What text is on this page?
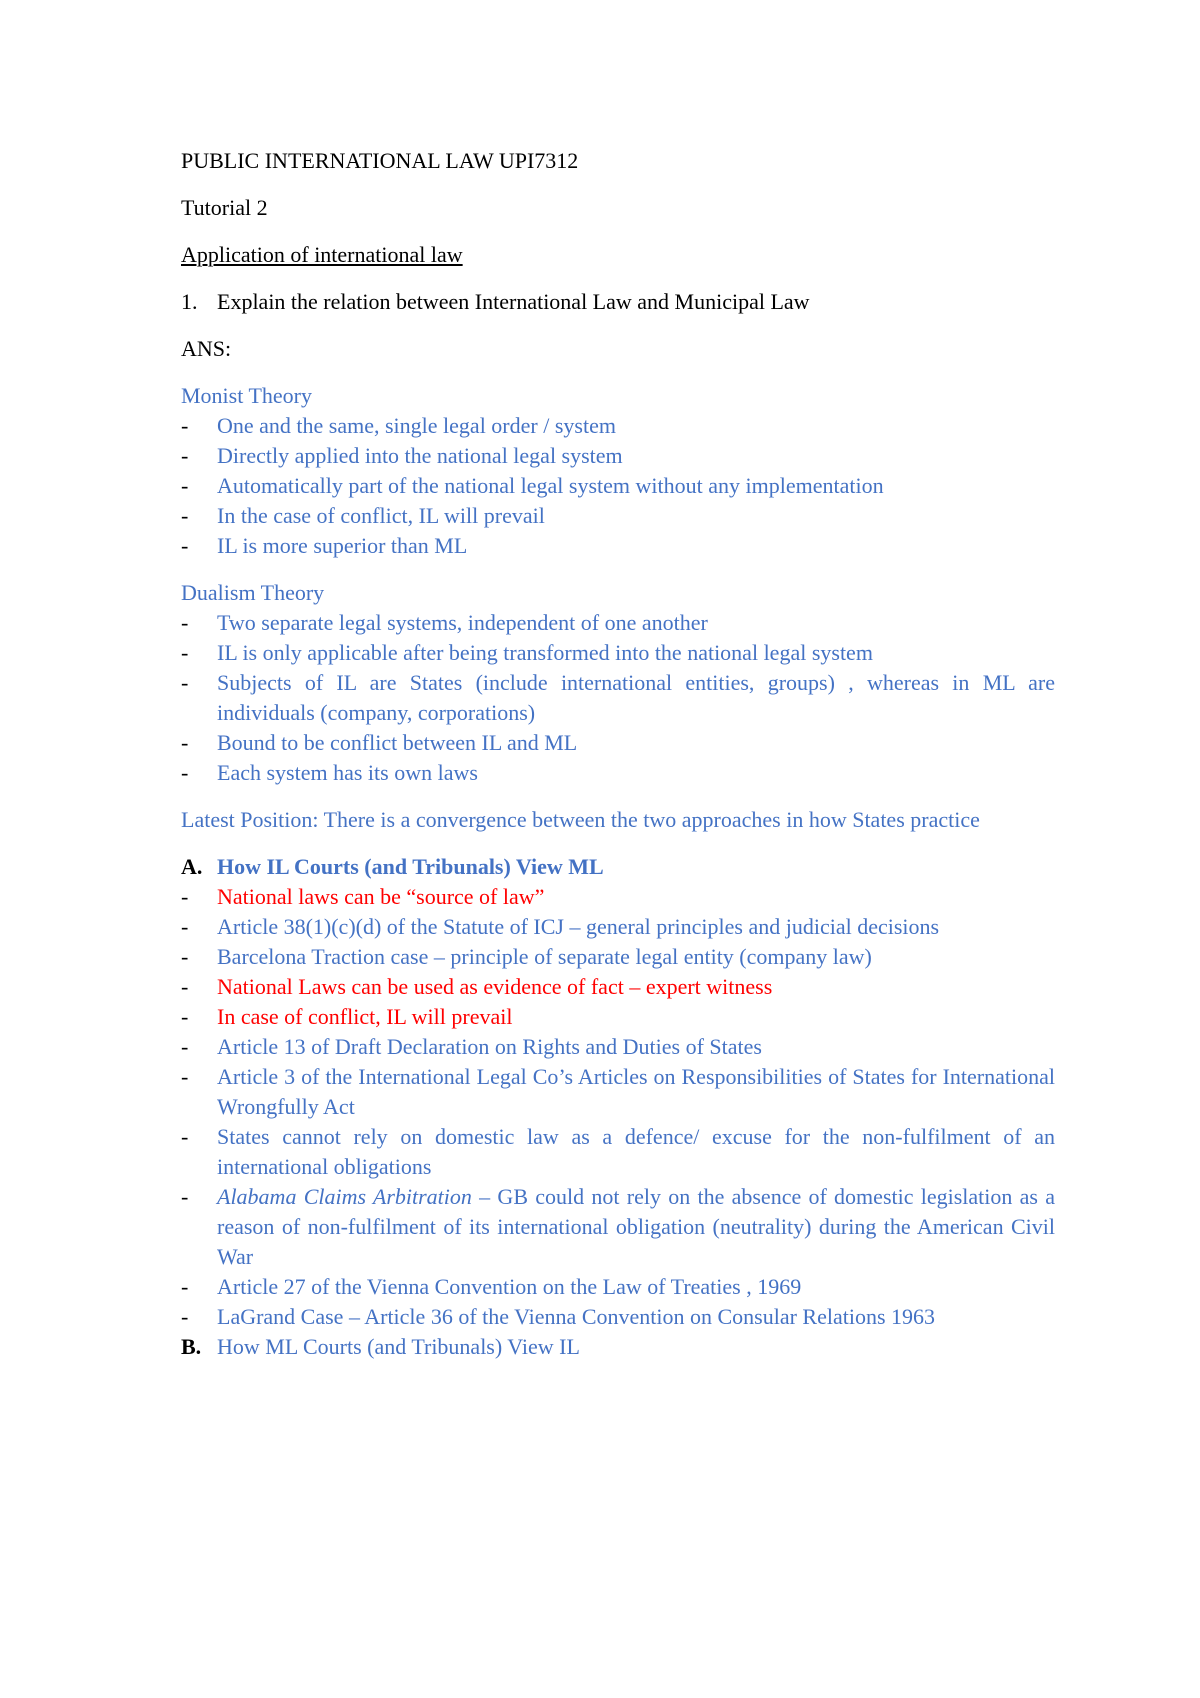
PUBLIC INTERNATIONAL LAW UPI7312

Tutorial 2

Application of international law

1. Explain the relation between International Law and Municipal Law

ANS:

Monist Theory

-	One and the same, single legal order / system
-	Directly applied into the national legal system
-	Automatically part of the national legal system without any implementation
-	In the case of conflict, IL will prevail
-	IL is more superior than ML

Dualism Theory

-	Two separate legal systems, independent of one another
-	IL is only applicable after being transformed into the national legal system
-	Subjects of IL are States (include international entities, groups) , whereas in ML are individuals (company, corporations)
-	Bound to be conflict between IL and ML
-	Each system has its own laws

Latest Position: There is a convergence between the two approaches in how States practice

A. How IL Courts (and Tribunals) View ML
-	National laws can be “source of law”
-	Article 38(1)(c)(d) of the Statute of ICJ – general principles and judicial decisions
-	Barcelona Traction case – principle of separate legal entity (company law)
-	National Laws can be used as evidence of fact – expert witness
-	In case of conflict, IL will prevail
-	Article 13 of Draft Declaration on Rights and Duties of States
-	Article 3 of the International Legal Co’s Articles on Responsibilities of States for International Wrongfully Act
-	States cannot rely on domestic law as a defence/ excuse for the non-fulfilment of an international obligations
-	Alabama Claims Arbitration – GB could not rely on the absence of domestic legislation as a reason of non-fulfilment of its international obligation (neutrality) during the American Civil War
-	Article 27 of the Vienna Convention on the Law of Treaties , 1969
-	LaGrand Case – Article 36 of the Vienna Convention on Consular Relations 1963
B. How ML Courts (and Tribunals) View IL
